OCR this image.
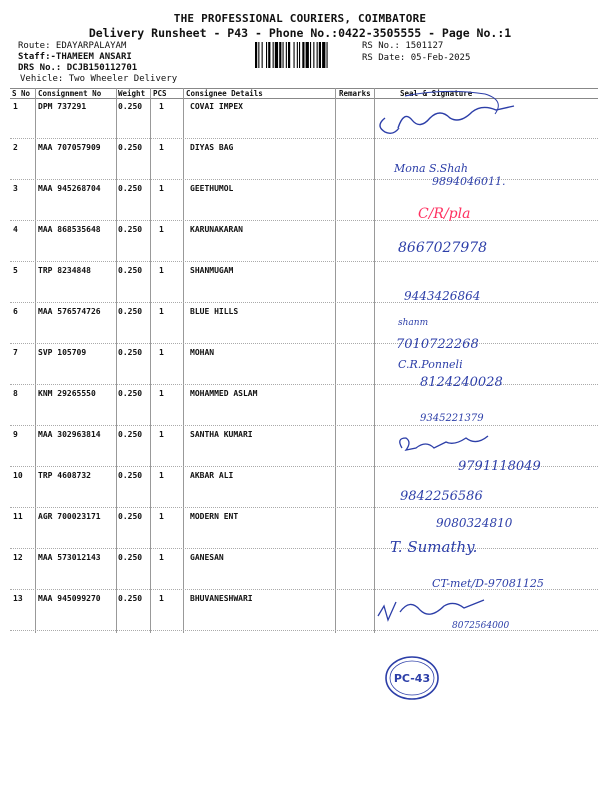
THE PROFESSIONAL COURIERS, COIMBATORE
Delivery Runsheet - P43 - Phone No.:0422-3505555 - Page No.:1
Route: EDAYARPALAYAM
Staff:-THAMEEM ANSARI
DRS No.: DCJB150112701
Vehicle: Two Wheeler Delivery
RS No.: 1501127
RS Date: 05-Feb-2025
S No Consignment No Weight PCS	Consignee Details	Remarks	Seal & Signature
1	DPM 737291	0.250 1	COVAI IMPEX
2	MAA 707057909 0.250 1	DIYAS BAG
3	MAA 945268704 0.250 1	GEETHUMOL
4	MAA 868535648 0.250 1	KARUNAKARAN
5	TRP 8234848	0.250 1	SHANMUGAM
6	MAA 576574726 0.250 1	BLUE HILLS
7	SVP 105709	0.250 1	MOHAN
8	KNM 29265550	0.250 1	MOHAMMED ASLAM
9	MAA 302963814 0.250 1	SANTHA KUMARI
10 TRP 4608732	0.250 1	AKBAR ALI
11 AGR 700023171 0.250 1	MODERN ENT
12 MAA 573012143 0.250 1	GANESAN
13 MAA 945099270 0.250 1	BHUVANESHWARI
PC-43
Mona S.Shah
9894046011.
C/R/pla
8667027978
9443426864
shanm
7010722268
C.R.Ponneli
8124240028
9345221379
9791118049
9842256586
9080324810
T. Sumathy.
CT-met/D-97081125
8072564000
